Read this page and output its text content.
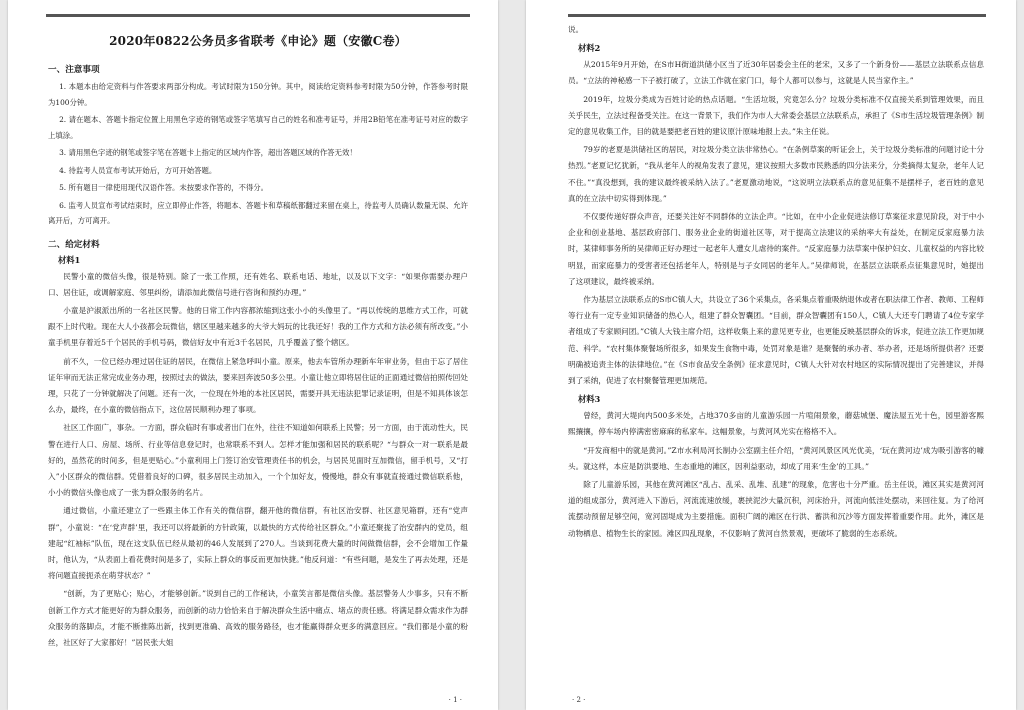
2020年0822公务员多省联考《申论》题（安徽C卷）
一、注意事项

1. 本题本由给定资料与作答要求两部分构成。考试时限为150分钟。其中，阅读给定资料参考时限为50分钟，作答参考时限为100分钟。

2. 请在题本、答题卡指定位置上用黑色字迹的钢笔或签字笔填写自己的姓名和准考证号，并用2B铅笔在准考证号对应的数字上填涂。

3. 请用黑色字迹的钢笔或签字笔在答题卡上指定的区域内作答，超出答题区域的作答无效！

4. 待监考人员宣布考试开始后，方可开始答题。

5. 所有题目一律使用现代汉语作答。未按要求作答的，不得分。

6. 监考人员宣布考试结束时，应立即停止作答，将题本、答题卡和草稿纸都翻过来留在桌上，待监考人员确认数量无误、允许离开后，方可离开。

二、给定材料
材料1

民警小童的微信头像，很是特别。除了一张工作照，还有姓名、联系电话、地址，以及以下文字：“如果你需要办理户口、居住证，或调解家庭、邻里纠纷，请添加此微信号进行咨询和预约办理。”

小童是沪淑派出所的一名社区民警。他的日常工作内容都浓缩到这张小小的头像里了。“再以传统的思维方式工作，可就跟不上时代啦。现在大人小孩都会玩微信，辖区里越来越多的大爷大妈玩的比我还好！我的工作方式和方法必须有所改变。”小童手机里存着近5千个居民的手机号码，微信好友中有近3千名居民，几乎覆盖了整个辖区。

前不久，一位已经办理过居住证的居民，在微信上紧急呼叫小童。原来，他去车管所办理新车年审业务，但由于忘了居住证年审而无法正常完成业务办理，按照过去的做法，要来回奔波50多公里。小童让他立即将居住证的正面通过微信拍照传回处理，只花了一分钟就解决了问题。还有一次，一位现在外地的本社区居民，需要开具无违法犯罪记录证明，但是不知具体该怎么办，最终，在小童的微信指点下，这位居民顺利办理了事项。

社区工作面广，事杂。一方面，群众临时有事或者出门在外，往往不知道如何联系上民警；另一方面，由于流动性大，民警在进行人口、房屋、场所、行业等信息登记时，也常联系不到人。怎样才能加强和居民的联系呢？“与群众一对一联系是最好的，虽然花的时间多，但是更贴心。”小童利用上门签订治安管理责任书的机会，与居民见面时互加微信，留手机号，又“打入”小区群众的微信群。凭借着良好的口碑，很多居民主动加入，一个个加好友，慢慢地，群众有事就直接通过微信联系他，小小的微信头像也成了一张为群众服务的名片。

通过微信，小童还建立了一些跟主体工作有关的微信群，翻开他的微信群，有社区治安群、社区意见箱群，还有“党声群”，小童说：“在‘党声群’里，我还可以将最新的方针政策，以最快的方式传给社区群众。”小童还聚拢了治安群内的党员，组建起“红袖标”队伍，现在这支队伍已经从最初的46人发展到了270人。当谈到花费大量的时间做微信群，会不会增加工作量时，他认为，“从表面上看花费时间是多了，实际上群众的事反而更加快捷。”他反问道：“有些问题，是发生了再去处理，还是将问题直接扼杀在萌芽状态？”

“创新，为了更贴心；贴心，才能够创新。”说到自己的工作秘诀，小童笑言都是微信头像。基层警务人少事多，只有不断创新工作方式才能更好的为群众服务，而创新的动力恰恰来自于解决群众生活中痛点、堵点的责任感。将满足群众需求作为群众服务的落脚点，才能不断推陈出新，找到更准确、高效的服务路径，也才能赢得群众更多的满意回应。“我们都是小童的粉丝，社区好了大家都好！”居民张大姐

· 1 ·

说。

材料2

从2015年9月开始，在S市H街道洪储小区当了近30年居委会主任的老宋，又多了一个新身份——基层立法联系点信息员。“立法的神秘感一下子被打破了，立法工作就在家门口，每个人都可以参与，这就是人民当家作主。”

2019年，垃圾分类成为百姓讨论的热点话题。“生活垃圾，究竟怎么分？垃圾分类标准不仅直接关系到管理效果，而且关乎民生，立法过程备受关注。在这一背景下，我们作为市人大常委会基层立法联系点，承担了《S市生活垃圾管理条例》制定的意见收集工作，目的就是要把老百姓的建议原汁原味地报上去。”朱主任说。

79岁的老夏是洪储社区的居民，对垃圾分类立法非常热心。“在条例草案的听证会上，关于垃圾分类标准的问题讨论十分热烈。”老夏记忆犹新，“我从老年人的视角发表了意见，建议按照大多数市民熟悉的四分法来分，分类摘得太复杂，老年人记不住。”“真没想到，我的建议最终被采纳入法了。”老夏激动地说，“这说明立法联系点的意见征集不是摆样子，老百姓的意见真的在立法中切实得到体现。”

不仅要传递好群众声音，还要关注好不同群体的立法企声。“比如，在中小企业促进法修订草案征求意见阶段，对于中小企业和创业基地、基层政府部门、服务业企业的街道社区等，对于提高立法建议的采纳率大有益处，在制定反家庭暴力法时，某律师事务所的吴律师正好办理过一起老年人遭女儿虐待的案件。“反家庭暴力法草案中保护妇女、儿童权益的内容比较明显，而家庭暴力的受害者还包括老年人，特别是与子女同居的老年人。”吴律师说，在基层立法联系点征集意见时，她提出了这项建议，最终被采纳。

作为基层立法联系点的S市C镇人大，共设立了36个采集点，各采集点着重吸纳退休或者在职法律工作者、教师、工程师等行业有一定专业知识储备的热心人，组建了群众智囊团。“目前，群众智囊团有150人，C镇人大还专门聘请了4位专家学者组成了专家顾问团。”C镇人大钱主席介绍，这样收集上来的意见更专业，也更能反映基层群众的诉求，促进立法工作更加规范、科学。“农村集体聚餐场所很多，如果发生食物中毒，处罚对象是谁？是聚餐的承办者、举办者，还是场所提供者？还要明确被追责主体的法律地位。”在《S市食品安全条例》征求意见时，C镇人大针对农村地区的实际情况提出了完善建议，并得到了采纳，促进了农村聚餐管理更加规范。

材料3

曾经，黄河大堤向内500多米处，占地370多亩的儿童游乐园一片喧闹景象，蘑菇城堡、魔法屋五光十色，园里游客熙熙攘攘，停车场内停满密密麻麻的私家车。这幅景象，与黄河风光实在格格不入。

“开发商相中的就是黄河。”Z市水利局河长制办公室副主任介绍，“黄河风景区风光优美，‘玩在黄河边’成为吸引游客的噱头。就这样，本应是防洪要地、生态重地的滩区，因利益驱动，却成了用来‘生金’的工具。”

除了儿童游乐园，其他在黄河滩区“乱占、乱采、乱堆、乱建”的现象，危害也十分严重。岳主任说，滩区其实是黄河河道的组成部分，黄河进入下游后，河流流速放缓，裹挟泥沙大量沉积，河床抬升，河流向低洼处摆动，来回往复。为了给河流摆动预留足够空间，宽河固堤成为主要措施。面积广阔的滩区在行洪、蓄洪和沉沙等方面发挥着重要作用。此外，滩区是动物栖息、植物生长的家园。滩区四乱现象，不仅影响了黄河自然景观，更破坏了脆弱的生态系统。

· 2 ·
